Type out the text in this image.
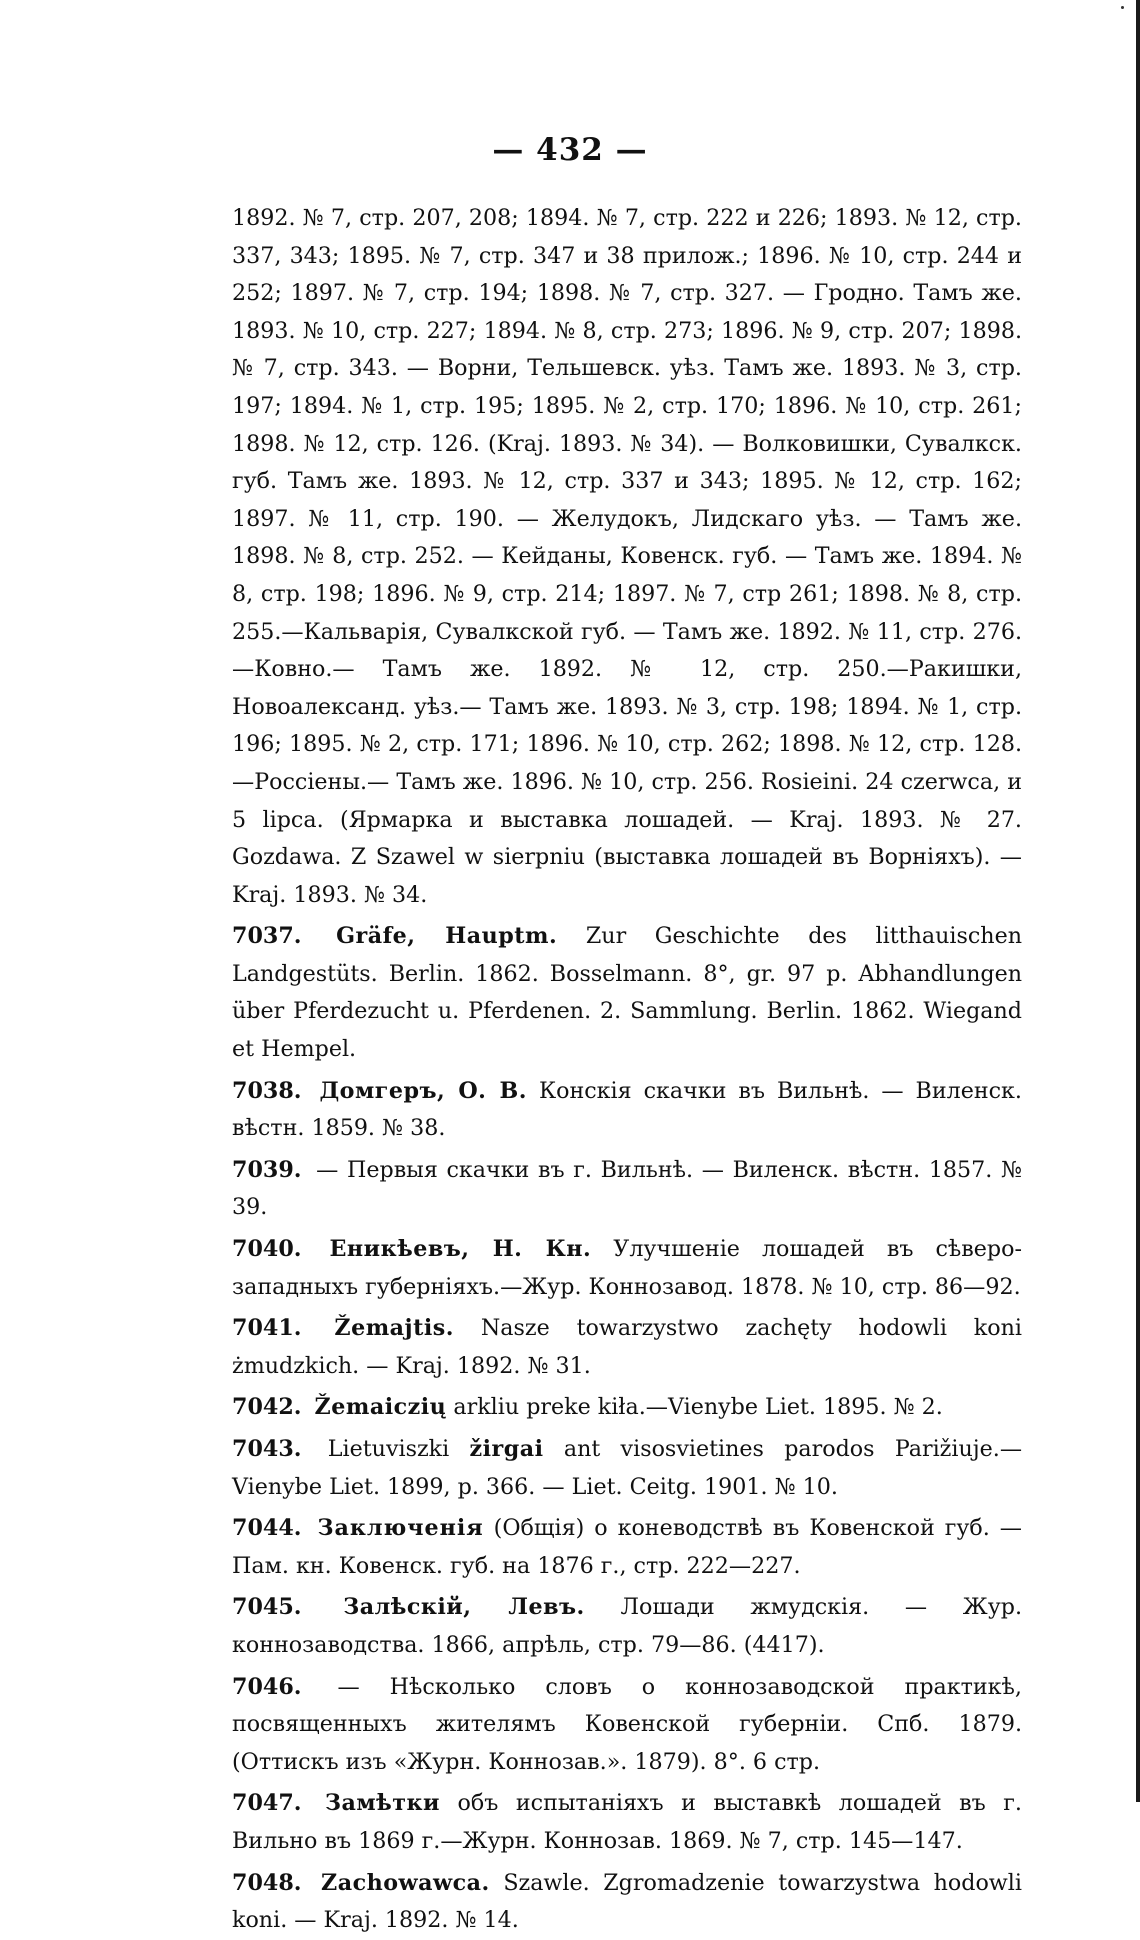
— 432 —

1892. № 7, стр. 207, 208; 1894. № 7, стр. 222 и 226; 1893. № 12, стр. 337, 343; 1895. № 7, стр. 347 и 38 прилож.; 1896. № 10, стр. 244 и 252; 1897. № 7, стр. 194; 1898. № 7, стр. 327. — Гродно. Тамъ же. 1893. № 10, стр. 227; 1894. № 8, стр. 273; 1896. № 9, стр. 207; 1898. № 7, стр. 343. — Ворни, Тельшевск. уѣз. Тамъ же. 1893. № 3, стр. 197; 1894. № 1, стр. 195; 1895. № 2, стр. 170; 1896. № 10, стр. 261; 1898. № 12, стр. 126. (Kraj. 1893. № 34). — Волковишки, Сувалкск. губ. Тамъ же. 1893. № 12, стр. 337 и 343; 1895. № 12, стр. 162; 1897. № 11, стр. 190. — Желудокъ, Лидскаго уѣз. — Тамъ же. 1898. № 8, стр. 252. — Кейданы, Ковенск. губ. — Тамъ же. 1894. № 8, стр. 198; 1896. № 9, стр. 214; 1897. № 7, стр 261; 1898. № 8, стр. 255.—Кальварія, Сувалкской губ. — Тамъ же. 1892. № 11, стр. 276.—Ковно.— Тамъ же. 1892. № 12, стр. 250.—Ракишки, Новоалександ. уѣз.— Тамъ же. 1893. № 3, стр. 198; 1894. № 1, стр. 196; 1895. № 2, стр. 171; 1896. № 10, стр. 262; 1898. № 12, стр. 128.—Россіены.— Тамъ же. 1896. № 10, стр. 256. Rosieini. 24 czerwca, и 5 lipca. (Ярмарка и выставка лошадей. — Kraj. 1893. № 27. Gozdawa. Z Szawel w sierpniu (выставка лошадей въ Ворніяхъ). — Kraj. 1893. № 34.

7037. Gräfe, Hauptm. Zur Geschichte des litthauischen Landgestüts. Berlin. 1862. Bosselmann. 8°, gr. 97 p. Abhandlungen über Pferdezucht u. Pferdenen. 2. Sammlung. Berlin. 1862. Wiegand et Hempel.

7038. Домгеръ, О. В. Конскія скачки въ Вильнѣ. — Виленск. вѣстн. 1859. № 38.

7039. — Первыя скачки въ г. Вильнѣ. — Виленск. вѣстн. 1857. № 39.

7040. Еникѣевъ, Н. Кн. Улучшеніе лошадей въ сѣверо-западныхъ губерніяхъ.—Жур. Коннозавод. 1878. № 10, стр. 86—92.

7041. Žemajtis. Nasze towarzystwo zachęty hodowli koni żmudzkich. — Kraj. 1892. № 31.

7042. Žemaiczių arkliu preke kiła.—Vienybe Liet. 1895. № 2.

7043. Lietuviszki žirgai ant visosvietines parodos Parižiuje.— Vienybe Liet. 1899, p. 366. — Liet. Ceitg. 1901. № 10.

7044. Заключенія (Общія) о коневодствѣ въ Ковенской губ. — Пам. кн. Ковенск. губ. на 1876 г., стр. 222—227.

7045. Залѣскій, Левъ. Лошади жмудскія. — Жур. коннозаводства. 1866, апрѣль, стр. 79—86. (4417).

7046. — Нѣсколько словъ о коннозаводской практикѣ, посвященныхъ жителямъ Ковенской губерніи. Спб. 1879. (Оттискъ изъ «Журн. Коннозав.». 1879). 8°. 6 стр.

7047. Замѣтки объ испытаніяхъ и выставкѣ лошадей въ г. Вильно въ 1869 г.—Журн. Коннозав. 1869. № 7, стр. 145—147.

7048. Zachowawca. Szawle. Zgromadzenie towarzystwa hodowli koni. — Kraj. 1892. № 14.
